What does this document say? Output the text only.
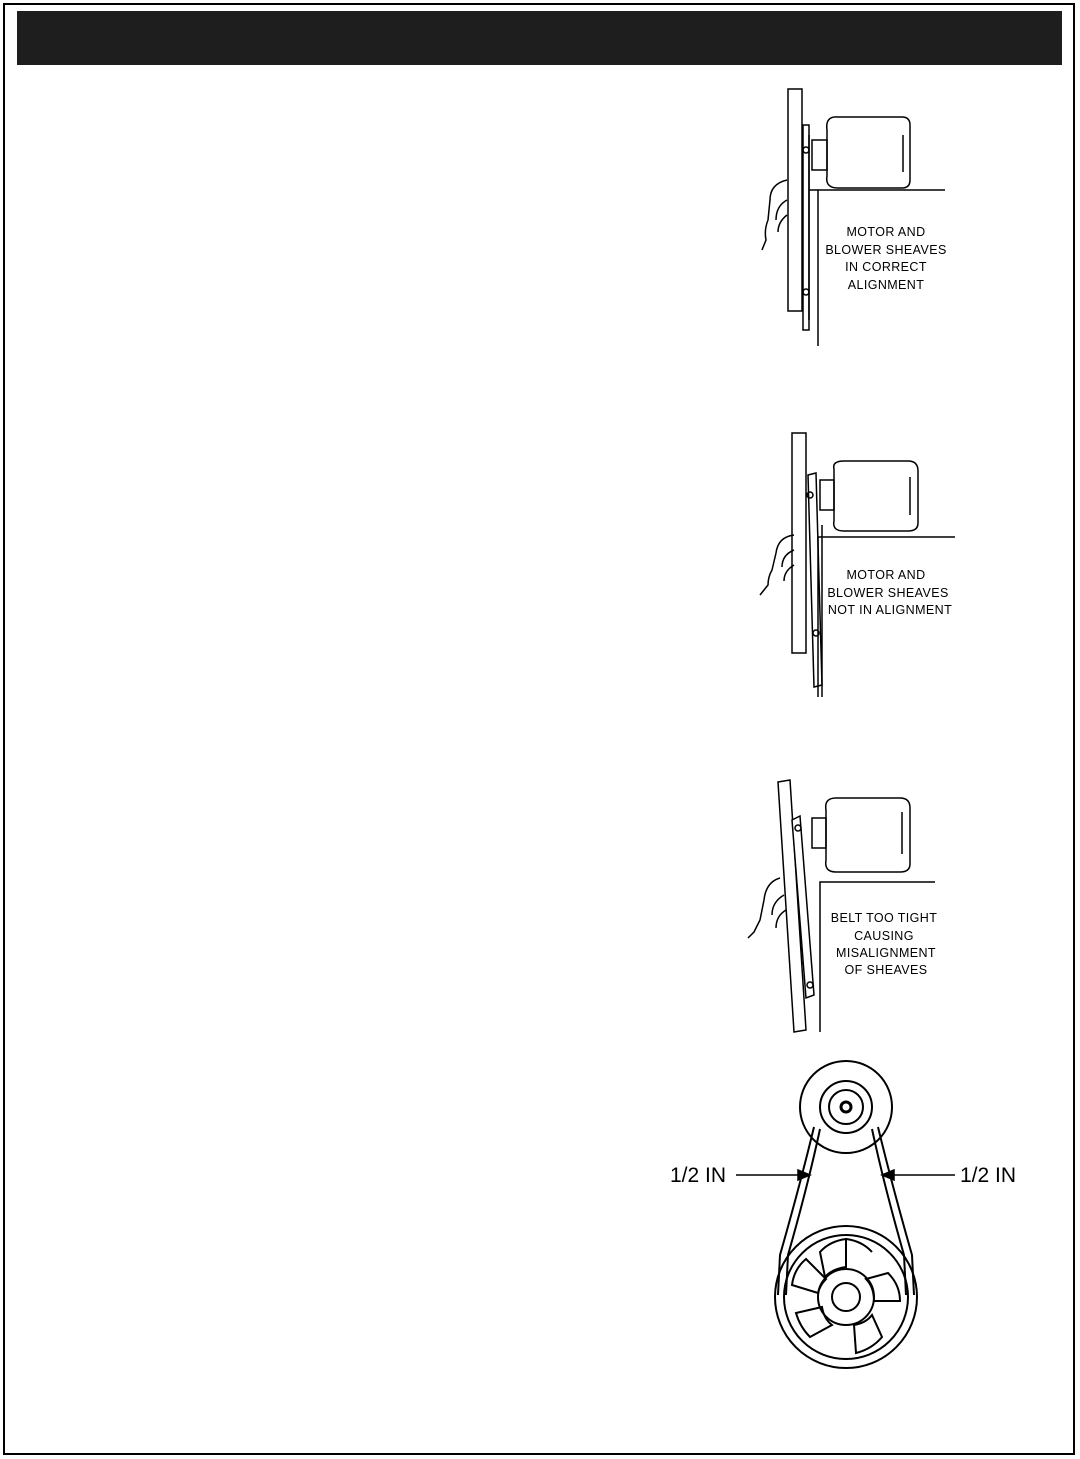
MOTOR AND
BLOWER SHEAVES
IN CORRECT
ALIGNMENT
MOTOR AND
BLOWER SHEAVES
NOT IN ALIGNMENT
BELT TOO TIGHT
CAUSING
MISALIGNMENT
OF SHEAVES
1/2 IN	1/2 IN
